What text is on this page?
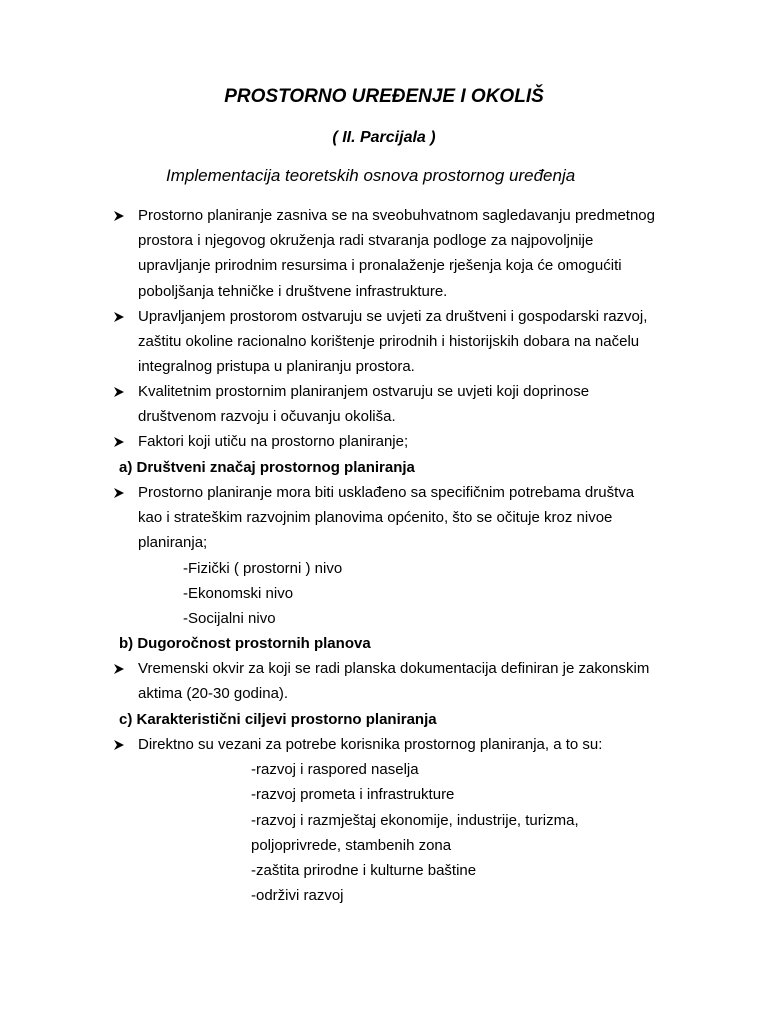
PROSTORNO UREĐENJE I OKOLIŠ
( II. Parcijala )
Implementacija teoretskih osnova prostornog uređenja
Prostorno planiranje zasniva se na sveobuhvatnom sagledavanju predmetnog
prostora i njegovog okruženja radi stvaranja podloge za najpovoljnije
upravljanje prirodnim resursima i pronalaženje rješenja koja će omogućiti
poboljšanja tehničke i društvene infrastrukture.
Upravljanjem prostorom ostvaruju se uvjeti za društveni i gospodarski razvoj,
zaštitu okoline racionalno korištenje prirodnih i historijskih dobara na načelu
integralnog pristupa u planiranju prostora.
Kvalitetnim prostornim planiranjem ostvaruju se uvjeti koji doprinose
društvenom razvoju i očuvanju okoliša.
Faktori koji utiču na prostorno planiranje;
a) Društveni značaj prostornog planiranja
Prostorno planiranje mora biti usklađeno sa specifičnim potrebama društva
kao i strateškim razvojnim planovima općenito, što se očituje kroz nivoe
planiranja;
-Fizički ( prostorni ) nivo
-Ekonomski nivo
-Socijalni nivo
b) Dugoročnost prostornih planova
Vremenski okvir za koji se radi planska dokumentacija definiran je zakonskim
aktima (20-30 godina).
c) Karakteristični ciljevi prostorno planiranja
Direktno su vezani za potrebe korisnika prostornog planiranja, a to su:
-razvoj i raspored naselja
-razvoj prometa i infrastrukture
-razvoj i razmještaj ekonomije, industrije, turizma,
poljoprivrede, stambenih zona
-zaštita prirodne i kulturne baštine
-održivi razvoj
